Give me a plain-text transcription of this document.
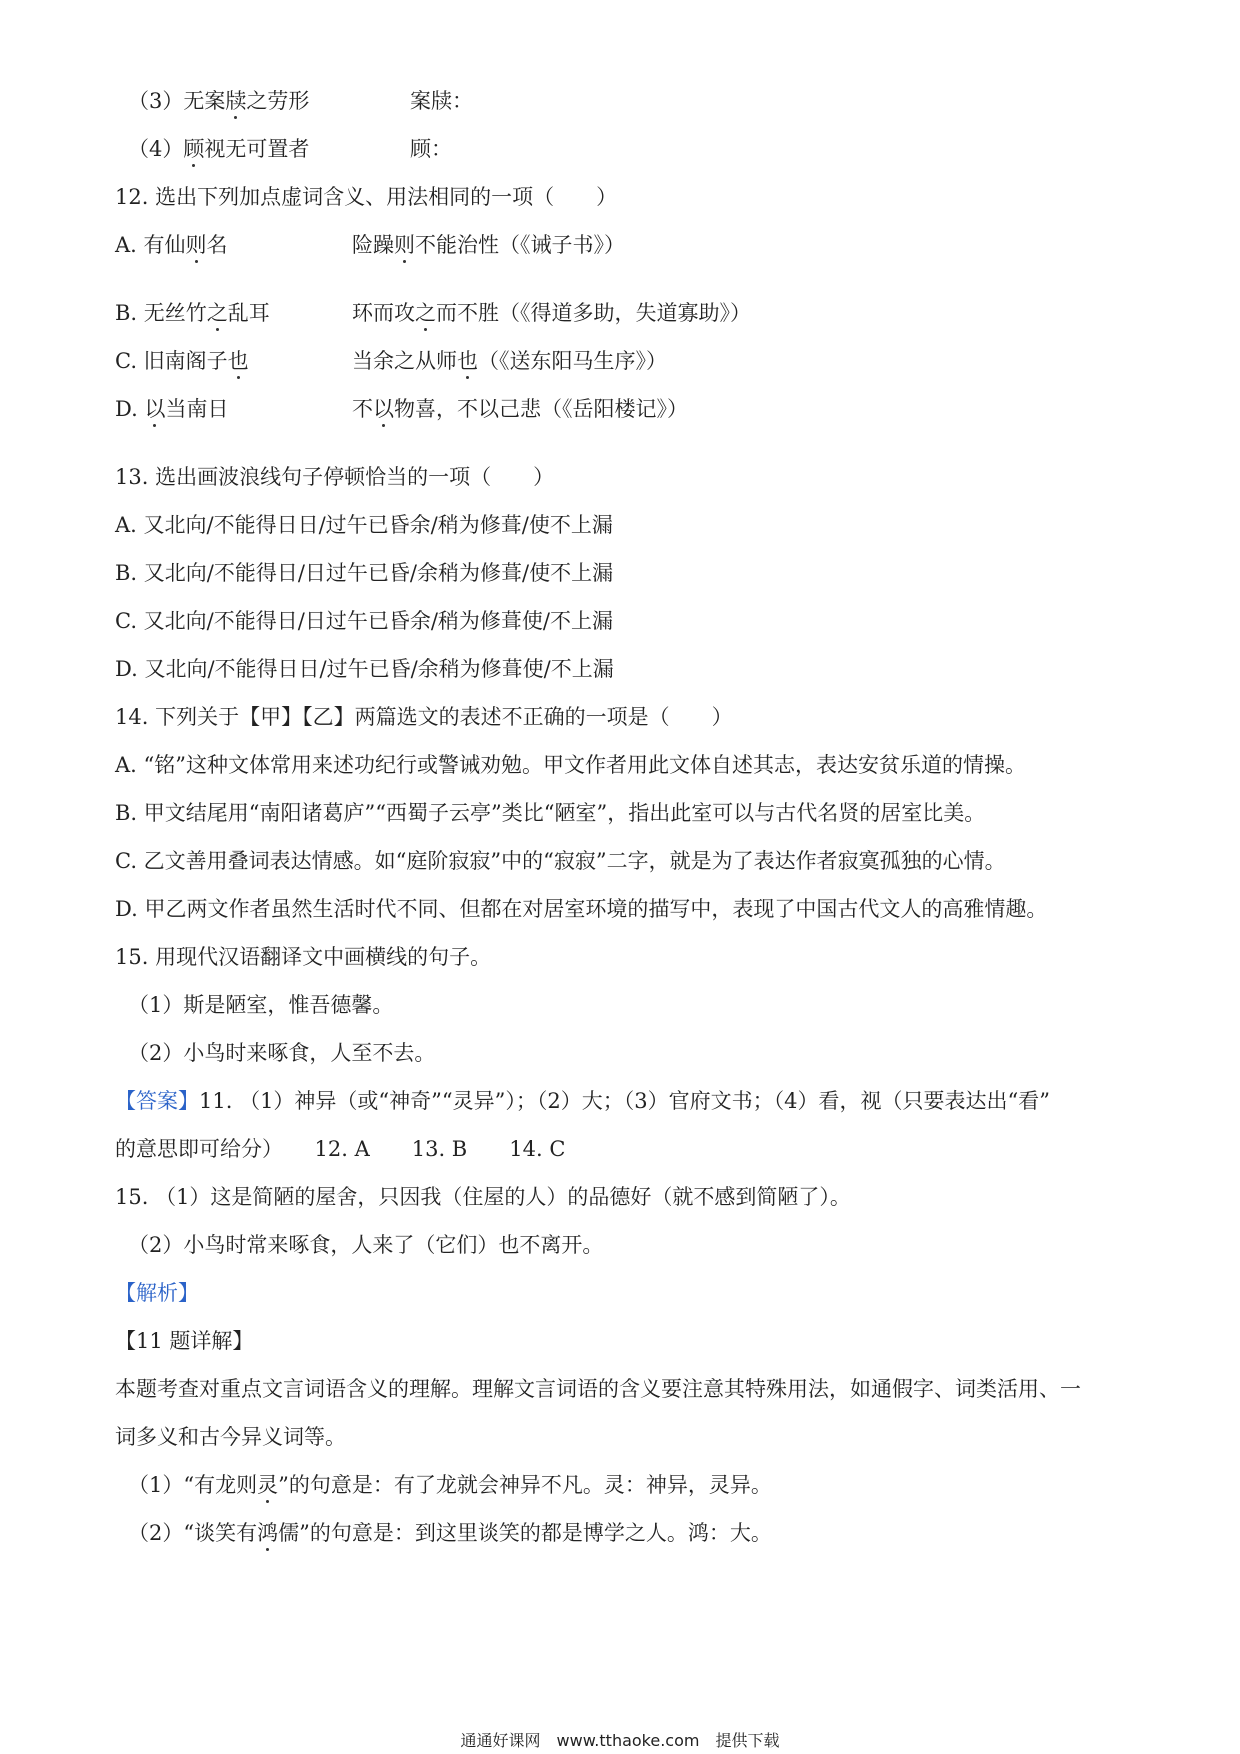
（3）无案牍之劳形	案牍：
（4）顾视无可置者	顾：
12. 选出下列加点虚词含义、用法相同的一项（　　）
A. 有仙则名	险躁则不能治性（《诫子书》）
B. 无丝竹之乱耳	环而攻之而不胜（《得道多助，失道寡助》）
C. 旧南阁子也	当余之从师也（《送东阳马生序》）
D. 以当南日	不以物喜，不以己悲（《岳阳楼记》）
13. 选出画波浪线句子停顿恰当的一项（　　）
A. 又北向/不能得日日/过午已昏余/稍为修葺/使不上漏
B. 又北向/不能得日/日过午已昏/余稍为修葺/使不上漏
C. 又北向/不能得日/日过午已昏余/稍为修葺使/不上漏
D. 又北向/不能得日日/过午已昏/余稍为修葺使/不上漏
14. 下列关于【甲】【乙】两篇选文的表述不正确的一项是（　　）
A. “铭”这种文体常用来述功纪行或警诫劝勉。甲文作者用此文体自述其志，表达安贫乐道的情操。
B. 甲文结尾用“南阳诸葛庐”“西蜀子云亭”类比“陋室”，指出此室可以与古代名贤的居室比美。
C. 乙文善用叠词表达情感。如“庭阶寂寂”中的“寂寂”二字，就是为了表达作者寂寞孤独的心情。
D. 甲乙两文作者虽然生活时代不同、但都在对居室环境的描写中，表现了中国古代文人的高雅情趣。
15. 用现代汉语翻译文中画横线的句子。
（1）斯是陋室，惟吾德馨。
（2）小鸟时来啄食，人至不去。
【答案】11. （1）神异（或“神奇”“灵异”）；（2）大；（3）官府文书；（4）看，视（只要表达出“看”
的意思即可给分）　　12. A　　13. B　　14. C
15. （1）这是简陋的屋舍，只因我（住屋的人）的品德好（就不感到简陋了）。
（2）小鸟时常来啄食，人来了（它们）也不离开。
【解析】
【11 题详解】
本题考查对重点文言词语含义的理解。理解文言词语的含义要注意其特殊用法，如通假字、词类活用、一
词多义和古今异义词等。
（1）“有龙则灵”的句意是：有了龙就会神异不凡。灵：神异，灵异。
（2）“谈笑有鸿儒”的句意是：到这里谈笑的都是博学之人。鸿：大。
通通好课网　www.tthaoke.com　提供下载
